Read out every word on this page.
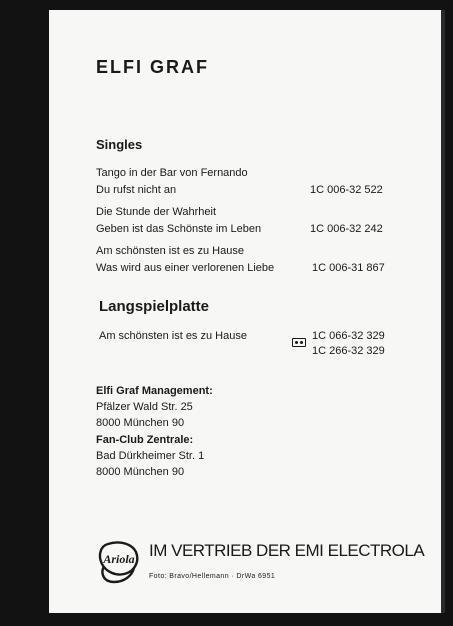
ELFI GRAF
Singles
Tango in der Bar von Fernando
Du rufst nicht an	1C 006-32 522
Die Stunde der Wahrheit
Geben ist das Schönste im Leben	1C 006-32 242
Am schönsten ist es zu Hause
Was wird aus einer verlorenen Liebe	1C 006-31 867
Langspielplatte
Am schönsten ist es zu Hause	1C 066-32 329
1C 266-32 329
Elfi Graf Management:
Pfälzer Wald Str. 25
8000 München 90
Fan-Club Zentrale:
Bad Dürkheimer Str. 1
8000 München 90
Ariola IM VERTRIEB DER EMI ELECTROLA
Foto: Bravo/Hellemann · DrWa 6951
